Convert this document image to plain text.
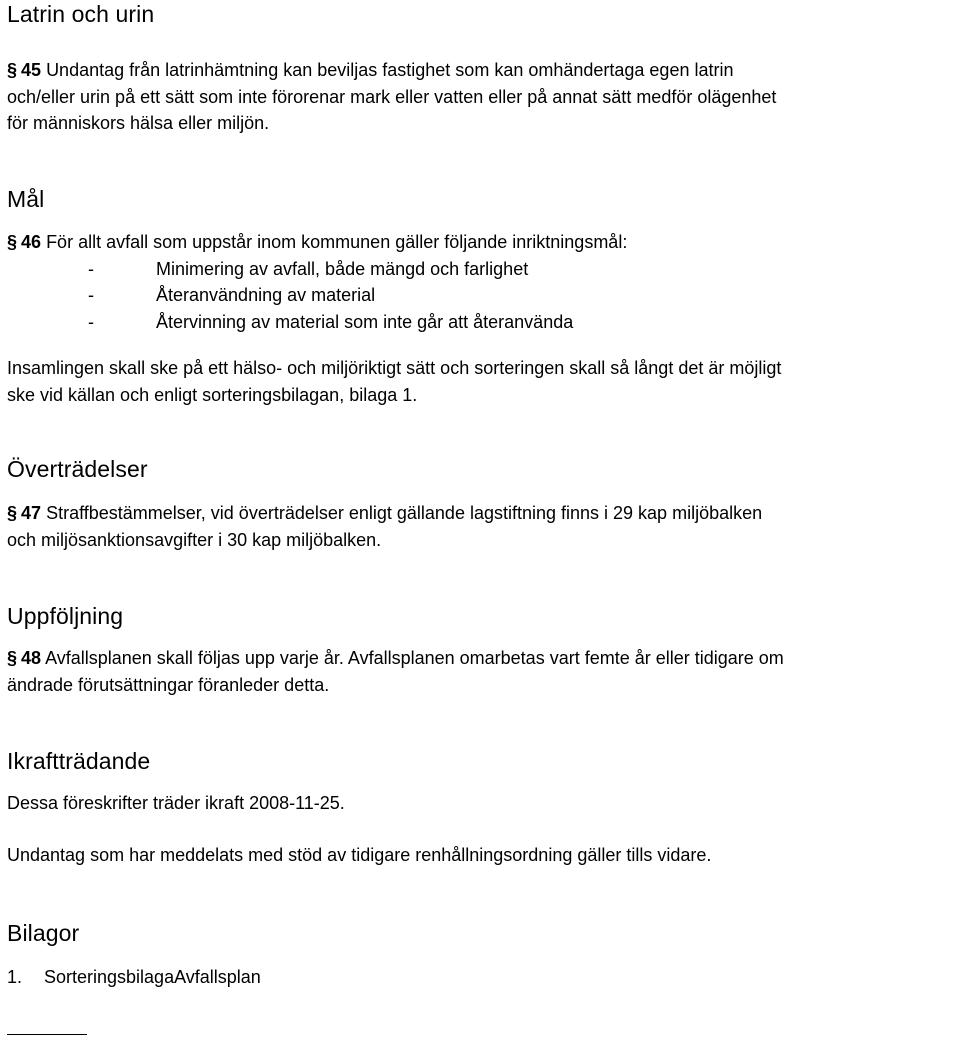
Latrin och urin

§ 45 Undantag från latrinhämtning kan beviljas fastighet som kan omhändertaga egen latrin

och/eller urin på ett sätt som inte förorenar mark eller vatten eller på annat sätt medför olägenhet

för människors hälsa eller miljön.

Mål

§ 46 För allt avfall som uppstår inom kommunen gäller följande inriktningsmål:

-	Minimering av avfall, både mängd och farlighet
-	Återanvändning av material
-	Återvinning av material som inte går att återanvända

Insamlingen skall ske på ett hälso- och miljöriktigt sätt och sorteringen skall så långt det är möjligt

ske vid källan och enligt sorteringsbilagan, bilaga 1.

Överträdelser

§ 47 Straffbestämmelser, vid överträdelser enligt gällande lagstiftning finns i 29 kap miljöbalken

och miljösanktionsavgifter i 30 kap miljöbalken.

Uppföljning

§ 48 Avfallsplanen skall följas upp varje år. Avfallsplanen omarbetas vart femte år eller tidigare om

ändrade förutsättningar föranleder detta.

Ikraftträdande

Dessa föreskrifter träder ikraft 2008-11-25.

Undantag som har meddelats med stöd av tidigare renhållningsordning gäller tills vidare.

Bilagor
1.	SorteringsbilagaAvfallsplan
